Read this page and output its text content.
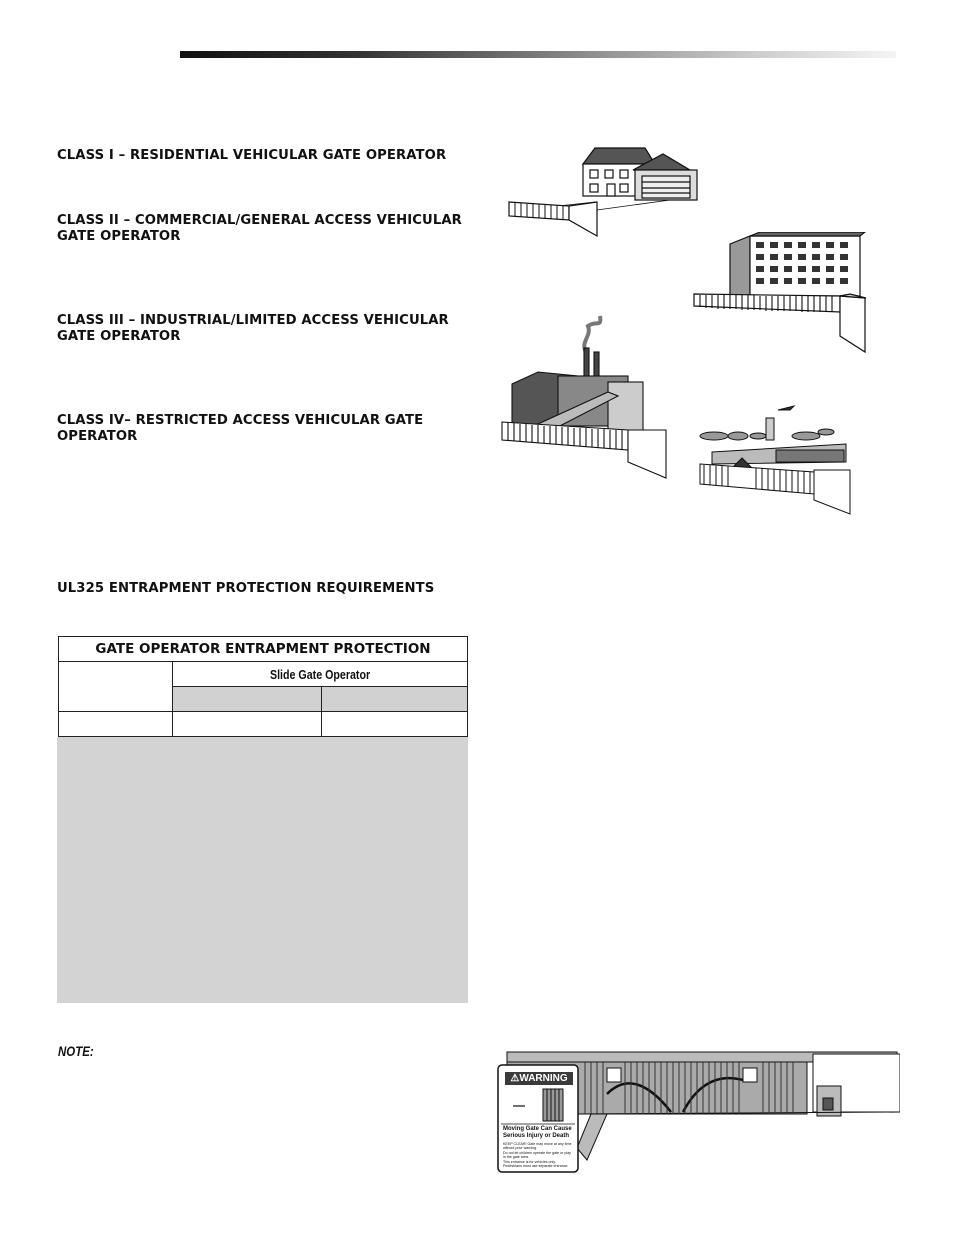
CLASS I – RESIDENTIAL VEHICULAR GATE OPERATOR
CLASS II – COMMERCIAL/GENERAL ACCESS VEHICULAR
GATE OPERATOR
CLASS III – INDUSTRIAL/LIMITED ACCESS VEHICULAR
GATE OPERATOR
CLASS IV– RESTRICTED ACCESS VEHICULAR GATE
OPERATOR
UL325 ENTRAPMENT PROTECTION REQUIREMENTS
GATE OPERATOR ENTRAPMENT PROTECTION		
	Slide Gate Operator	

NOTE:
⚠WARNING
Moving Gate Can Cause
Serious Injury or Death
KEEP CLEAR! Gate may move at any time
without prior warning.
Do not let children operate the gate or play
in the gate area.
This entrance is for vehicles only.
Pedestrians must use separate entrance.
